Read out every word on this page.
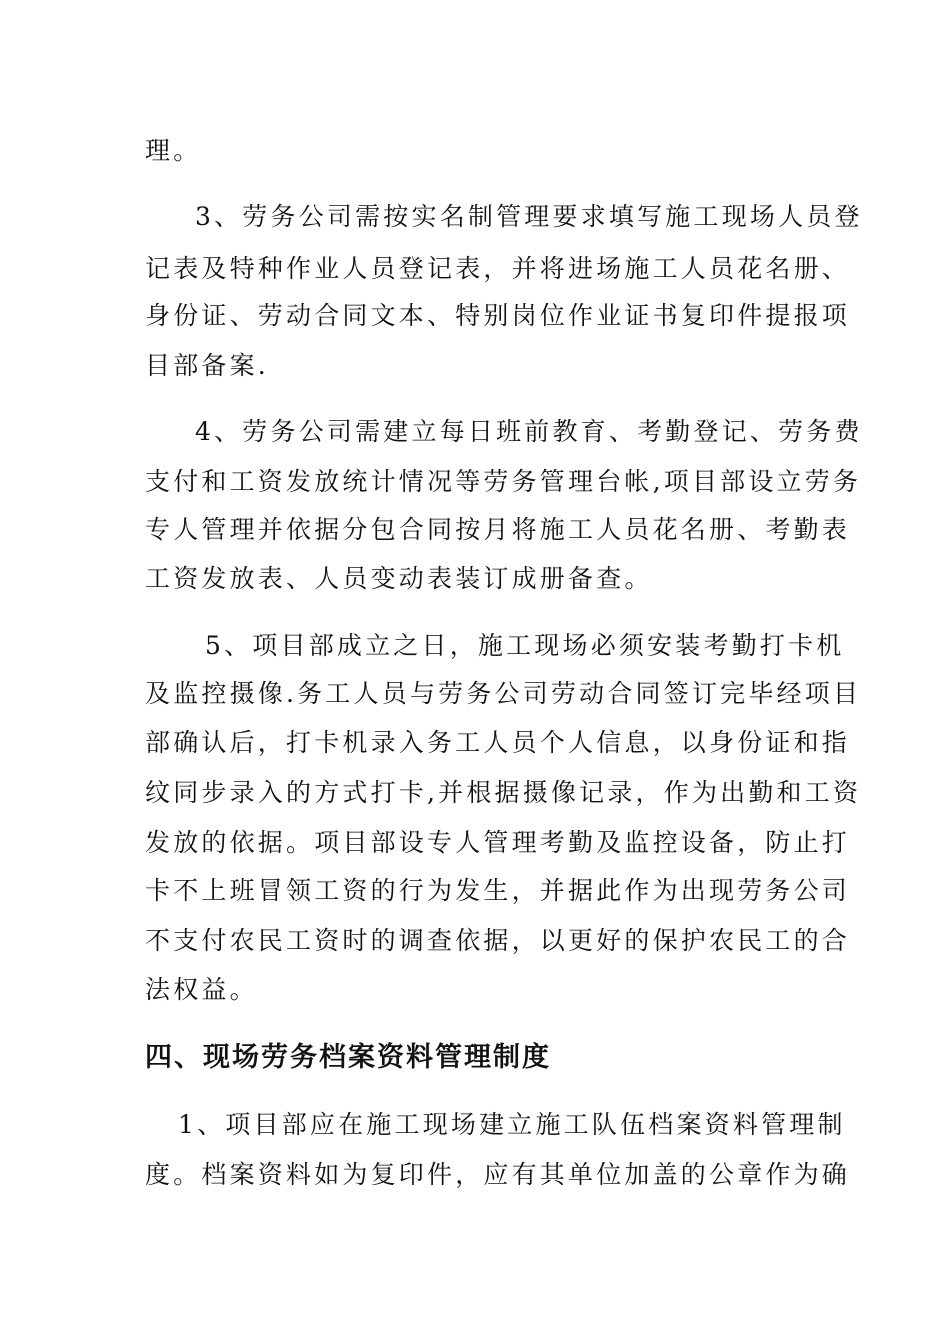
理。
3、劳务公司需按实名制管理要求填写施工现场人员登
记表及特种作业人员登记表，并将进场施工人员花名册、
身份证、劳动合同文本、特别岗位作业证书复印件提报项
目部备案.
4、劳务公司需建立每日班前教育、考勤登记、劳务费
支付和工资发放统计情况等劳务管理台帐,项目部设立劳务
专人管理并依据分包合同按月将施工人员花名册、考勤表
工资发放表、人员变动表装订成册备查。
5、项目部成立之日，施工现场必须安装考勤打卡机
及监控摄像.务工人员与劳务公司劳动合同签订完毕经项目
部确认后，打卡机录入务工人员个人信息，以身份证和指
纹同步录入的方式打卡,并根据摄像记录，作为出勤和工资
发放的依据。项目部设专人管理考勤及监控设备，防止打
卡不上班冒领工资的行为发生，并据此作为出现劳务公司
不支付农民工资时的调查依据，以更好的保护农民工的合
法权益。
四、现场劳务档案资料管理制度
1、项目部应在施工现场建立施工队伍档案资料管理制
度。档案资料如为复印件，应有其单位加盖的公章作为确
